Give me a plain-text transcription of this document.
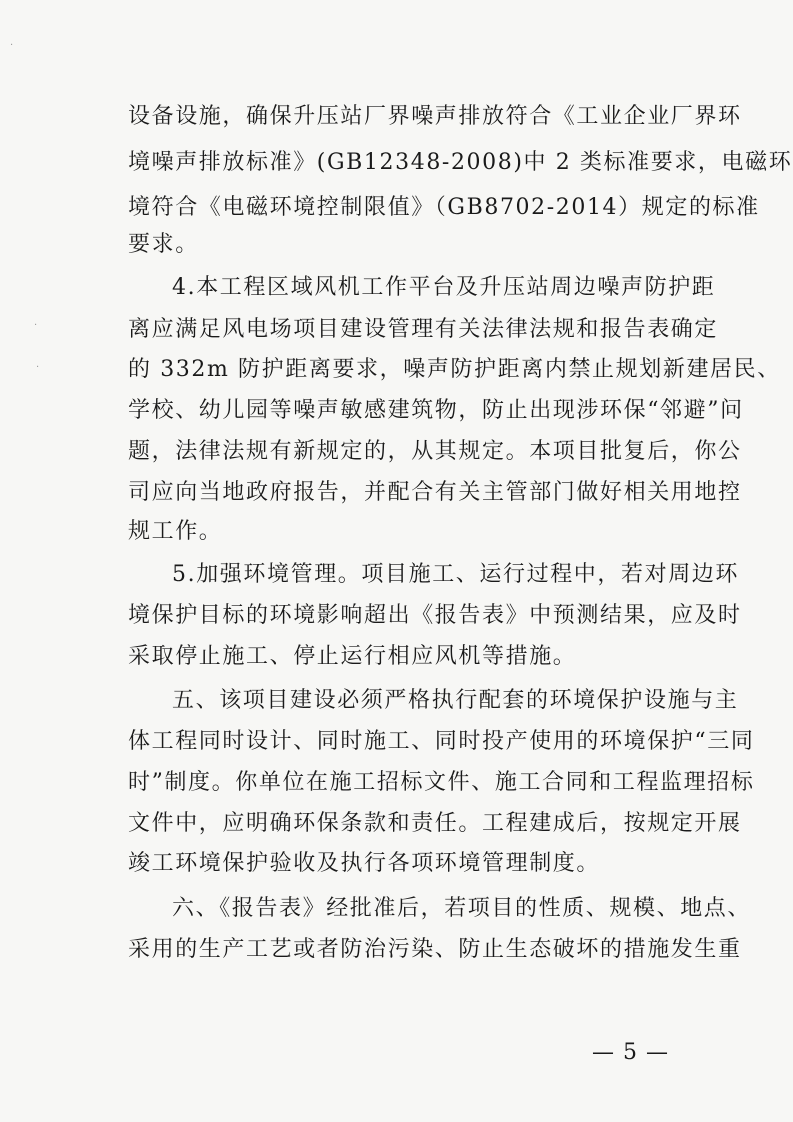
设备设施，确保升压站厂界噪声排放符合《工业企业厂界环
境噪声排放标准》(GB12348-2008)中 2 类标准要求，电磁环
境符合《电磁环境控制限值》（GB8702-2014）规定的标准
要求。
4.本工程区域风机工作平台及升压站周边噪声防护距
离应满足风电场项目建设管理有关法律法规和报告表确定
的 332m 防护距离要求，噪声防护距离内禁止规划新建居民、
学校、幼儿园等噪声敏感建筑物，防止出现涉环保“邻避”问
题，法律法规有新规定的，从其规定。本项目批复后，你公
司应向当地政府报告，并配合有关主管部门做好相关用地控
规工作。
5.加强环境管理。项目施工、运行过程中，若对周边环
境保护目标的环境影响超出《报告表》中预测结果，应及时
采取停止施工、停止运行相应风机等措施。
五、该项目建设必须严格执行配套的环境保护设施与主
体工程同时设计、同时施工、同时投产使用的环境保护“三同
时”制度。你单位在施工招标文件、施工合同和工程监理招标
文件中，应明确环保条款和责任。工程建成后，按规定开展
竣工环境保护验收及执行各项环境管理制度。
六、《报告表》经批准后，若项目的性质、规模、地点、
采用的生产工艺或者防治污染、防止生态破坏的措施发生重
— 5 —
·
·
·
